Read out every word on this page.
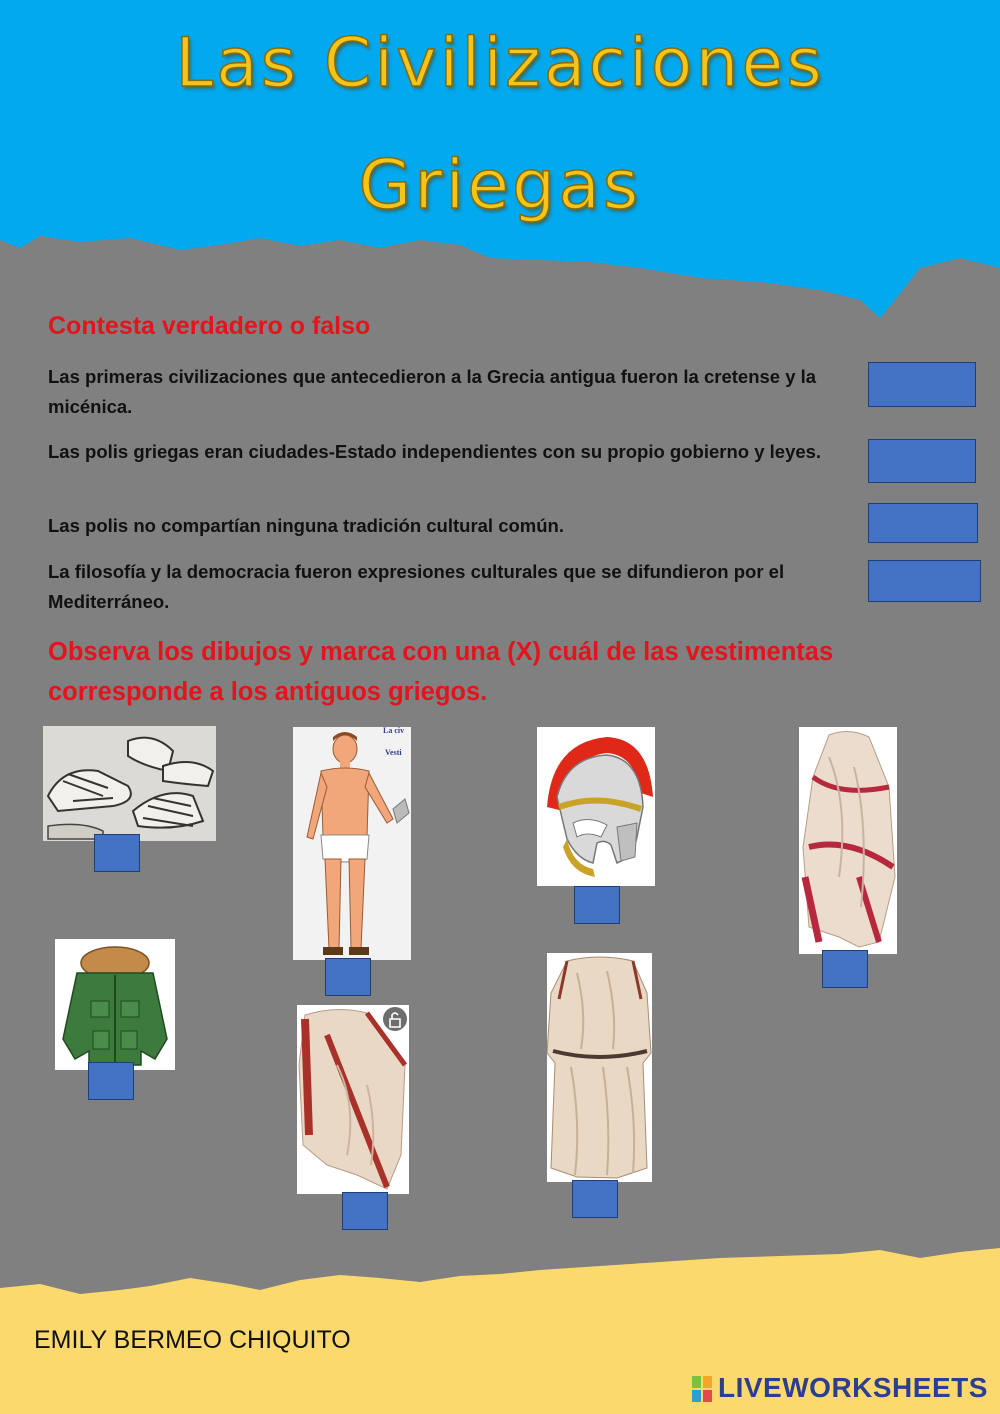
Las Civilizaciones
Griegas
Contesta verdadero o falso
Las primeras civilizaciones que antecedieron a la Grecia antigua fueron la cretense y la micénica.
Las polis griegas eran ciudades-Estado independientes con su propio gobierno y leyes.
Las polis no compartían ninguna tradición cultural común.
La filosofía y la democracia fueron expresiones culturales que se difundieron por el Mediterráneo.
Observa los dibujos y marca con una (X) cuál de las vestimentas corresponde a los antiguos griegos.
La civ
Vesti
EMILY BERMEO CHIQUITO
LIVEWORKSHEETS
